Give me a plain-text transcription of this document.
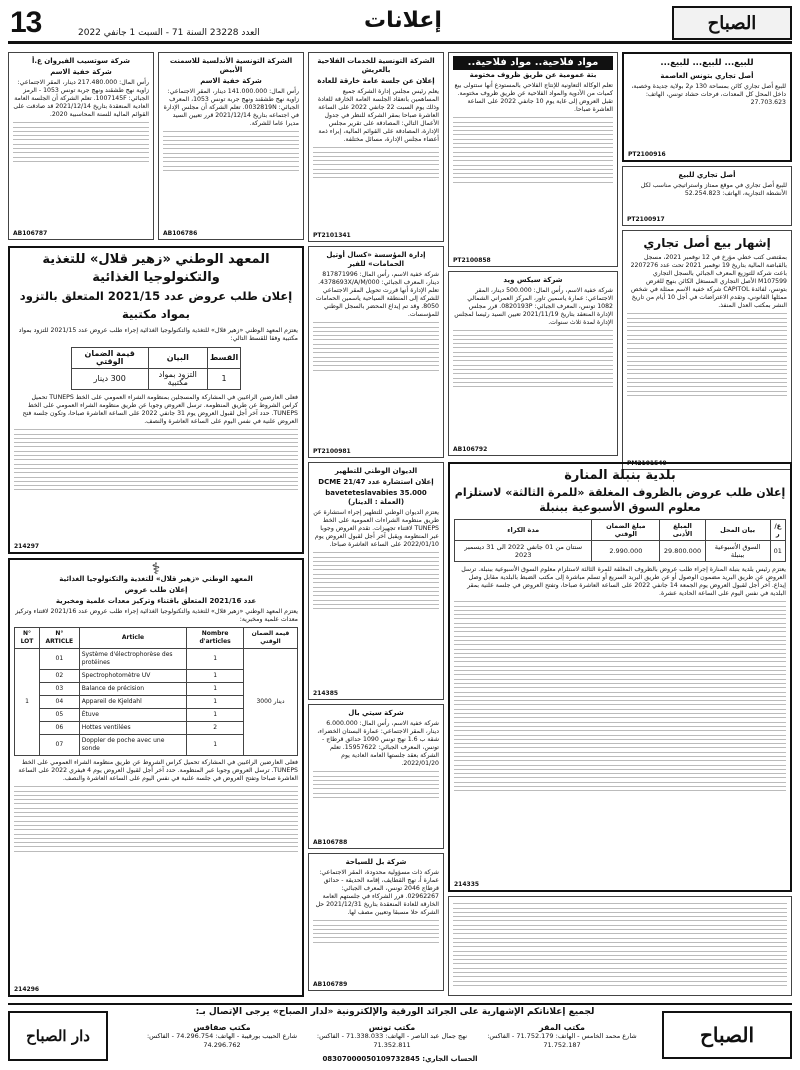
13	العدد 23228 السنة 71 - السبت 1 جانفي 2022	إعلانات	الصباح
للبيع... للبيع... للبيع...
أصل تجاري بتونس العاصمة

للبيع أصل تجاري كائن بمساحة 130 م2 بولاية جديدة وخصبة، داخل المحل كل المعدات، فرحات حشاد تونس، الهاتف: 27.703.623

PT2100916
أصل تجاري للبيع

للبيع أصل تجاري في موقع ممتاز واستراتيجي مناسب لكل الأنشطة التجارية، الهاتف: 52.254.823

PT2100917
إشهار بيع أصل تجاري

بمقتضى كتب خطي مؤرخ في 12 نوفمبر 2021، مسجل بالقباضة المالية بتاريخ 19 نوفمبر 2021 تحت عدد 2207276 باعت شركة للتوزيع المعرف الجبائي بالسجل التجاري M107599 الأصل التجاري المستغل الكائن بنهج للغرض بتونس، لفائدة CAPITOL شركة خفية الاسم ممثلة في شخص ممثلها القانوني، وتقدم الاعتراضات في أجل 10 أيام من تاريخ النشر بمكتب العدل المنفذ.

PM2101540
بلدية بنبلة المنارة
إعلان طلب عروض بالظروف المغلقة «للمرة الثالثة» لاستلزام معلوم السوق الأسبوعية ببنبلة
ع/ر	بيان المحل	المبلغ الأدنى	مبلغ الضمان الوقتي	مدة الكراء
01	السوق الأسبوعية ببنبلة	29.800.000	2.990.000	سنتان من 01 جانفي 2022 الى 31 ديسمبر 2023

يعتزم رئيس بلدية بنبلة المنارة إجراء طلب عروض بالظروف المغلقة للمرة الثالثة لاستلزام معلوم السوق الأسبوعية ببنبلة. ترسل العروض عن طريق البريد مضمون الوصول أو عن طريق البريد السريع أو تسلم مباشرة إلى مكتب الضبط بالبلدية مقابل وصل إيداع. آخر أجل لقبول العروض يوم الجمعة 14 جانفي 2022 على الساعة العاشرة صباحا، وتفتح العروض في جلسة علنية بمقر البلدية في نفس اليوم على الساعة الحادية عشرة.

214335
مواد فلاحية.. مواد فلاحية..
بتة عمومية عن طريق ظروف مختومة

تعلم الوكالة التعاونية للإنتاج الفلاحي بالمستودع أنها ستتولى بيع كميات من الأدوية والمواد الفلاحية عن طريق ظروف مختومة. تقبل العروض إلى غاية يوم 10 جانفي 2022 على الساعة العاشرة صباحا.

PT2100858
شركة سيكس ويد

شركة خفية الاسم، رأس المال: 500.000 دينار، المقر الاجتماعي: عمارة ياسمين تاور، المركز العمراني الشمالي 1082 تونس، المعرف الجبائي: 0820193P. قرر مجلس الإدارة المنعقد بتاريخ 2021/11/19 تعيين السيد رئيسا لمجلس الإدارة لمدة ثلاث سنوات.

AB106792
الشركة التونسية للخدمات الفلاحية بالعريش
إعلان عن جلسة عامة خارقة للعادة

يعلم رئيس مجلس إدارة الشركة جميع المساهمين بانعقاد الجلسة العامة الخارقة للعادة وذلك يوم السبت 22 جانفي 2022 على الساعة العاشرة صباحا بمقر الشركة للنظر في جدول الأعمال التالي: المصادقة على تقرير مجلس الإدارة، المصادقة على القوائم المالية، إبراء ذمة أعضاء مجلس الإدارة، مسائل مختلفة.

PT2101341
إدارة المؤسسة «كسال أوتيل الحمامات» للفير

شركة خفية الاسم، رأس المال: 817871996 دينار، المعرف الجبائي: 4378693X/A/M/000. تعلم الإدارة أنها قررت تحويل المقر الاجتماعي للشركة إلى المنطقة السياحية ياسمين الحمامات 8050. وقد تم إيداع المحضر بالسجل الوطني للمؤسسات.

PT2100981
الديوان الوطني للتطهير
إعلان استشارة عدد 21/47 DCME
baveteteslavabies 35.000 (العملة : الدينار)

يعتزم الديوان الوطني للتطهير إجراء استشارة عن طريق منظومة الشراءات العمومية على الخط TUNEPS لاقتناء تجهيزات. تقدم العروض وجوبا عبر المنظومة ويقبل آخر أجل لقبول العروض يوم 2022/01/10 على الساعة العاشرة صباحا.

214385
شركة سيتي بال

شركة خفية الاسم، رأس المال: 6.000.000 دينار، المقر الاجتماعي: عمارة البستان الخضراء، شقة ب 1.6 نهج تونس 1090 حدائق قرطاج - تونس، المعرف الجبائي: 15957622. تعلم الشركة بعقد جلستها العامة العادية يوم 2022/01/20.

AB106788
شركة بل للسياحة

شركة ذات مسؤولية محدودة، المقر الاجتماعي: عمارة أ، نهج القطايف، إقامة الحديقة - حدائق قرطاج 2046 تونس، المعرف الجبائي: 02962267. قرر الشركاء في جلستهم العامة الخارقة للعادة المنعقدة بتاريخ 2021/12/31 حل الشركة حلا مسبقا وتعيين مصف لها.

AB106789
الشركة التونسية الأندلسية للاسمنت الأبيض
شركة خفية الاسم

رأس المال: 141.000.000 دينار، المقر الاجتماعي: زاوية نهج طشقند ونهج جربة تونس 1053، المعرف الجبائي: 0032819N. تعلم الشركة أن مجلس الإدارة في اجتماعه بتاريخ 2021/12/14 قرر تعيين السيد مديرا عاما للشركة.

AB106786
شركة سوتسيب الفيروان ع.أ
شركة خفية الاسم

رأس المال: 217.480.000 دينار، المقر الاجتماعي: زاوية نهج طشقند ونهج جربة تونس 1053 - الرمز الجبائي: 1007145F. تعلم الشركة أن الجلسة العامة العادية المنعقدة بتاريخ 2021/12/14 قد صادقت على القوائم المالية للسنة المحاسبية 2020.

AB106787
المعهد الوطني «زهير قلال» للتغذية والتكنولوجيا الغذائية
إعلان طلب عروض عدد 2021/15 المتعلق بالتزود بمواد مكتبية

يعتزم المعهد الوطني «زهير قلال» للتغذية والتكنولوجيا الغذائية إجراء طلب عروض عدد 2021/15 للتزود بمواد مكتبية وفقا للقسط التالي:

القسط	البيان	قيمة الضمان الوقتي
1	التزود بمواد مكتبية	300 دينار

فعلى العارضين الراغبين في المشاركة والمسجلين بمنظومة الشراء العمومي على الخط TUNEPS تحميل كراس الشروط عن طريق المنظومة. ترسل العروض وجوبا عن طريق منظومة الشراء العمومي على الخط TUNEPS. حدد آخر أجل لقبول العروض يوم 31 جانفي 2022 على الساعة العاشرة صباحا، وتكون جلسة فتح العروض علنية في نفس اليوم على الساعة العاشرة والنصف.

214297
⚕
المعهد الوطني «زهير قلال» للتغذية والتكنولوجيا الغذائية
إعلان طلب عروض
عدد 2021/16 المتعلق باقتناء وتركيز معدات علمية ومخبرية

يعتزم المعهد الوطني «زهير قلال» للتغذية والتكنولوجيا الغذائية إجراء طلب عروض عدد 2021/16 لاقتناء وتركيز معدات علمية ومخبرية:

N° LOT	N° ARTICLE	Article	Nombre d'articles	قيمة الضمان الوقتي
1	01	Système d'électrophorèse des protéines	1	3000 دينار
	02	Spectrophotomètre UV	1	
	03	Balance de précision	1	
	04	Appareil de Kjeldahl	1	
	05	Étuve	1	
	06	Hottes ventilées	2	
	07	Doppler de poche avec une sonde	1	

فعلى العارضين الراغبين في المشاركة تحميل كراس الشروط عن طريق منظومة الشراء العمومي على الخط TUNEPS. ترسل العروض وجوبا عبر المنظومة. حدد آخر أجل لقبول العروض يوم 4 فيفري 2022 على الساعة العاشرة صباحا وتفتح العروض في جلسة علنية في نفس اليوم على الساعة العاشرة والنصف.

214296
لجميع إعلاناتكم الإشهارية على الجرائد الورقية والإلكترونية «لدار الصباح» يرجى الإتصال بـ:
مكتب المقر
شارع محمد الخامس - الهاتف: 71.752.179 - الفاكس: 71.752.187
مكتب تونس
نهج جمال عبد الناصر - الهاتف: 71.338.033 - الفاكس: 71.352.811
مكتب صفاقس
شارع الحبيب بورقيبة - الهاتف: 74.296.754 - الفاكس: 74.296.762
الحساب الجاري: 08307000050109732845
الصباح
دار الصباح
